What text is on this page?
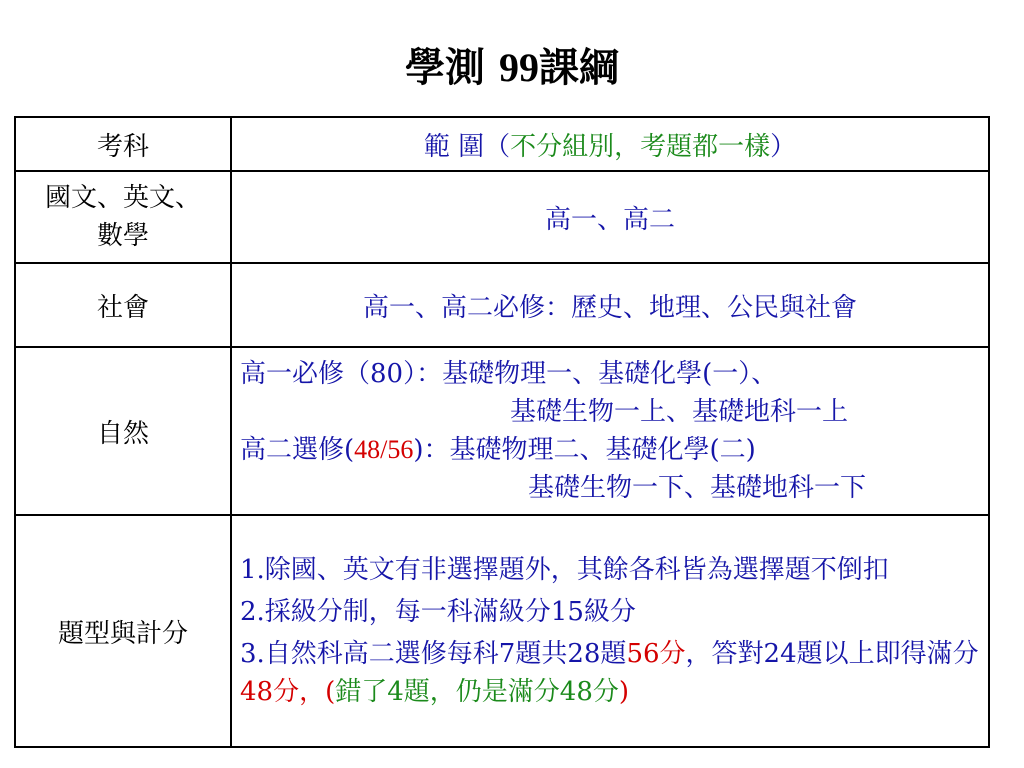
學測 99課綱
考科	範 圍（不分組別，考題都一樣）
國文、英文、數學	高一、高二
社會	高一、高二必修：歷史、地理、公民與社會
自然	高一必修（80）：基礎物理一、基礎化學(一）、
基礎生物一上、基礎地科一上
高二選修(48/56)：基礎物理二、基礎化學(二)
基礎生物一下、基礎地科一下

題型與計分	1.除國、英文有非選擇題外，其餘各科皆為選擇題不倒扣

2.採級分制，每一科滿級分15級分

3.自然科高二選修每科7題共28題56分，答對24題以上即得滿分48分，(錯了4題，仍是滿分48分)
